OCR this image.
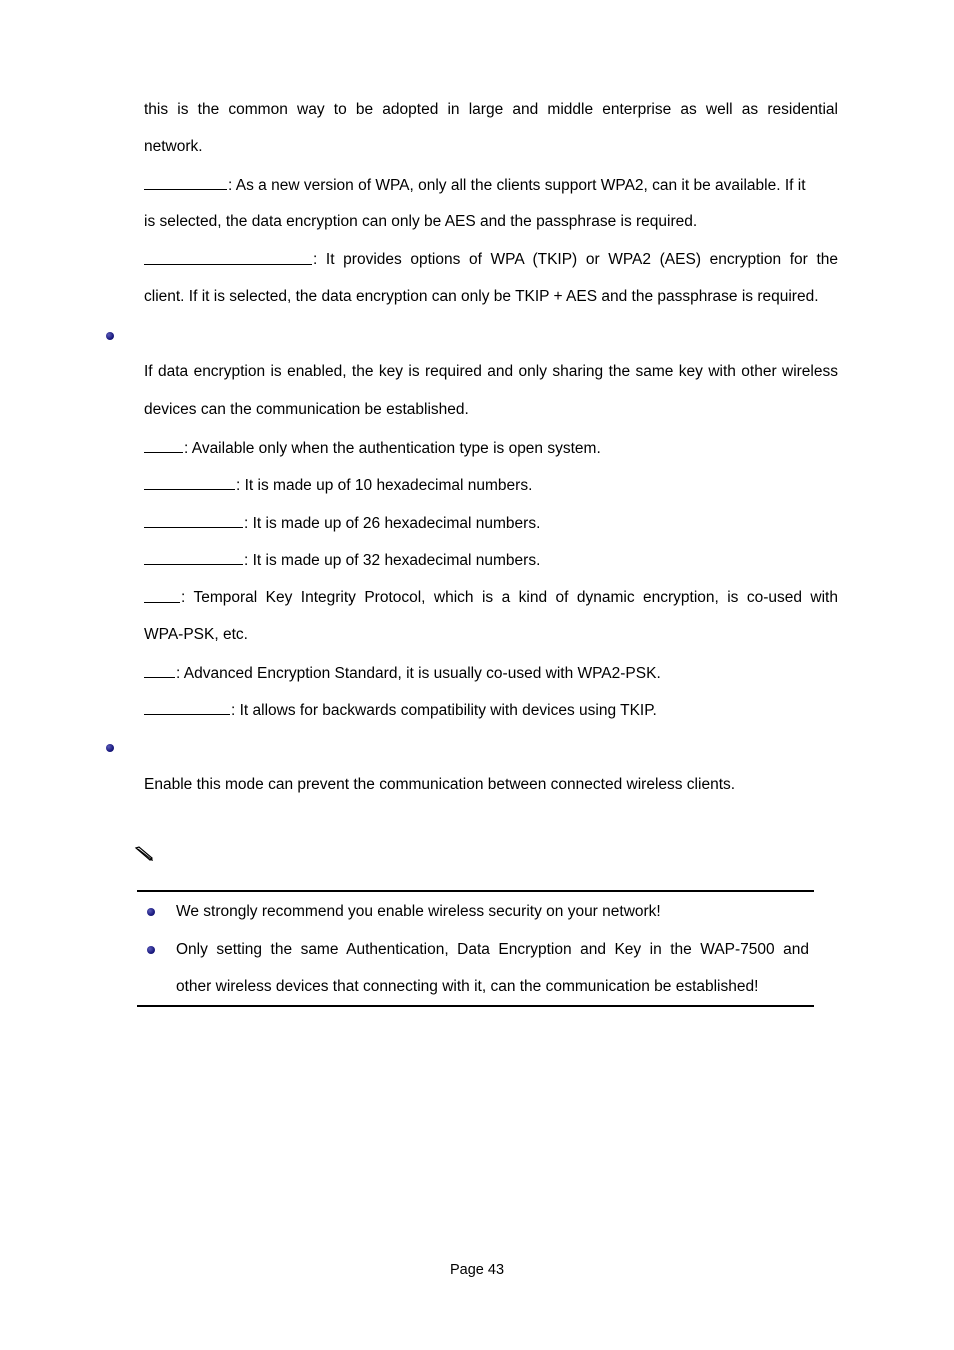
this is the common way to be adopted in large and middle enterprise as well as residential
network.
: As a new version of WPA, only all the clients support WPA2, can it be available. If it
is selected, the data encryption can only be AES and the passphrase is required.
: It provides options of WPA (TKIP) or WPA2 (AES) encryption for the
client. If it is selected, the data encryption can only be TKIP + AES and the passphrase is required.
If data encryption is enabled, the key is required and only sharing the same key with other wireless
devices can the communication be established.
: Available only when the authentication type is open system.
: It is made up of 10 hexadecimal numbers.
: It is made up of 26 hexadecimal numbers.
: It is made up of 32 hexadecimal numbers.
: Temporal Key Integrity Protocol, which is a kind of dynamic encryption, is co-used with
WPA-PSK, etc.
: Advanced Encryption Standard, it is usually co-used with WPA2-PSK.
: It allows for backwards compatibility with devices using TKIP.
Enable this mode can prevent the communication between connected wireless clients.
We strongly recommend you enable wireless security on your network!
Only setting the same Authentication, Data Encryption and Key in the WAP-7500 and
other wireless devices that connecting with it, can the communication be established!
Page 43
